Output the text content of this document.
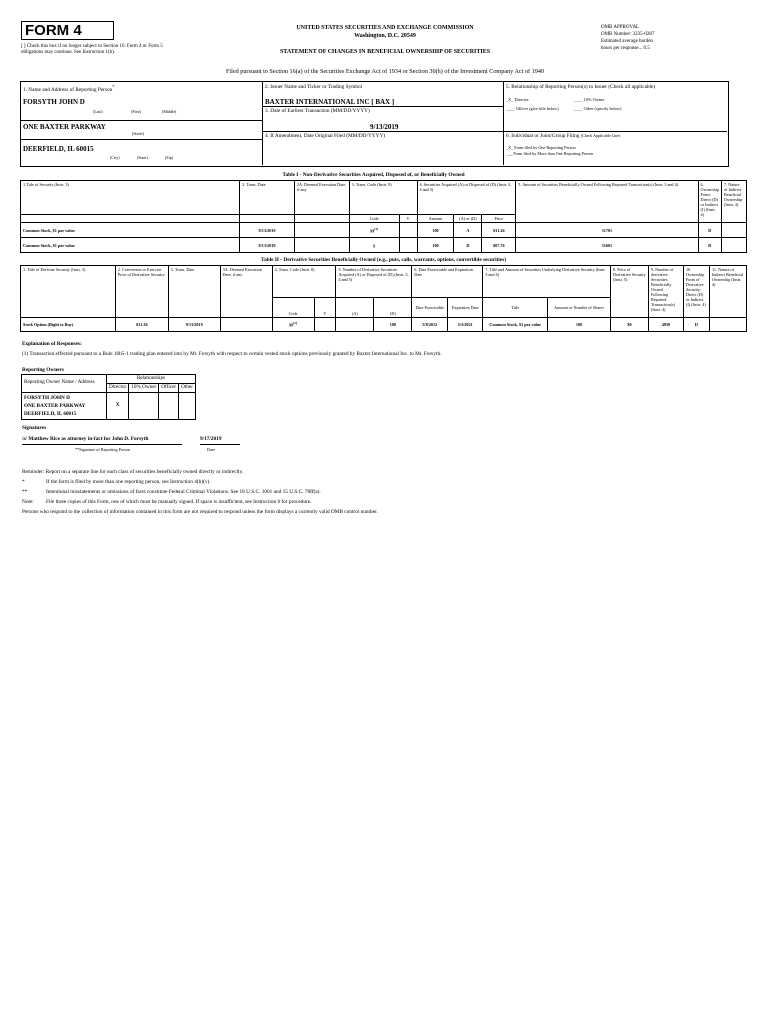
FORM 4
[ ] Check this box if no longer subject to Section 16. Form 4 or Form 5 obligations may continue. See Instruction 1(b).
UNITED STATES SECURITIES AND EXCHANGE COMMISSION
Washington, D.C. 20549
STATEMENT OF CHANGES IN BENEFICIAL OWNERSHIP OF SECURITIES
OMB APPROVAL
OMB Number: 3235-0287
Estimated average burden
hours per response... 0.5
Filed pursuant to Section 16(a) of the Securities Exchange Act of 1934 or Section 30(h) of the Investment Company Act of 1940
1. Name and Address of Reporting Person*
FORSYTH JOHN D
(Last)	(First)	(Middle)
ONE BAXTER PARKWAY
(Street)
DEERFIELD, IL 60015
(City)	(State)	(Zip)
2. Issuer Name and Ticker or Trading Symbol
BAXTER INTERNATIONAL INC [ BAX ]
3. Date of Earliest Transaction (MM/DD/YYYY)
9/13/2019
4. If Amendment, Date Original Filed (MM/DD/YYYY)
5. Relationship of Reporting Person(s) to Issuer (Check all applicable)
_X_ Director	____ 10% Owner
____ Officer (give title below)	____ Other (specify below)
6. Individual or Joint/Group Filing (Check Applicable Line)
_X_ Form filed by One Reporting Person
___ Form filed by More than One Reporting Person
Table I - Non-Derivative Securities Acquired, Disposed of, or Beneficially Owned
1.Title of Security (Instr. 3)	2. Trans. Date	2A. Deemed Execution Date, if any	3. Trans. Code (Instr. 8)		4. Securities Acquired (A) or Disposed of (D) (Instr. 3, 4 and 5)			5. Amount of Securities Beneficially Owned Following Reported Transaction(s) (Instr. 3 and 4)	6. Ownership Form: Direct (D) or Indirect (I) (Instr. 4)	7. Nature of Indirect Beneficial Ownership (Instr. 4)
			Code	V	Amount	(A) or (D)	Price			
Common Stock, $1 par value	9/13/2019		$M^{(1)}$		100	A	$31.26	31701	D	
Common Stock, $1 par value	9/13/2019		S		100	D	$87.76	31601	D	
Table II - Derivative Securities Beneficially Owned (e.g., puts, calls, warrants, options, convertible securities)
1. Title of Derivate Security (Instr. 3)	2. Conversion or Exercise Price of Derivative Security	3. Trans. Date	3A. Deemed Execution Date, if any	4. Trans. Code (Instr. 8)		5. Number of Derivative Securities Acquired (A) or Disposed of (D) (Instr. 3, 4 and 5)		6. Date Exercisable and Expiration Date		7. Title and Amount of Securities Underlying Derivative Security (Instr. 3 and 4)		8. Price of Derivative Security (Instr. 5)	9. Number of derivative Securities Beneficially Owned Following Reported Transaction(s) (Instr. 4)	10. Ownership Form of Derivative Security: Direct (D) or Indirect (I) (Instr. 4)	11. Nature of Indirect Beneficial Ownership (Instr. 4)
				Code	V	(A)	(D)	Date Exercisable	Expiration Date	Title	Amount or Number of Shares				
Stock Option (Right to Buy)	$31.26	9/13/2019		$M^{(1)}$			100	5/8/2012	5/3/2021	Common Stock, $1 par value	100	$0	4850	D	
Explanation of Responses:
(1) Transaction effected pursuant to a Rule 10b5-1 trading plan entered into by Mr. Forsyth with respect to certain vested stock options previously granted by Baxter International Inc. to Mr. Forsyth.
Reporting Owners
Reporting Owner Name / Address	Relationships			
	Director	10% Owner	Officer	Other

FORSYTH JOHN D
ONE BAXTER PARKWAY
DEERFIELD, IL 60015	X			
Signatures
/s/ Matthew Rice as attorney in-fact for John D. Forsyth	9/17/2019
**Signature of Reporting Person	Date
Reminder: Report on a separate line for each class of securities beneficially owned directly or indirectly.
*	If the form is filed by more than one reporting person, see Instruction 4(b)(v).
**	Intentional misstatements or omissions of facts constitute Federal Criminal Violations. See 18 U.S.C. 1001 and 15 U.S.C. 78ff(a).
Note: File three copies of this Form, one of which must be manually signed. If space is insufficient, see Instruction 6 for procedure.
Persons who respond to the collection of information contained in this form are not required to respond unless the form displays a currently valid OMB control number.
